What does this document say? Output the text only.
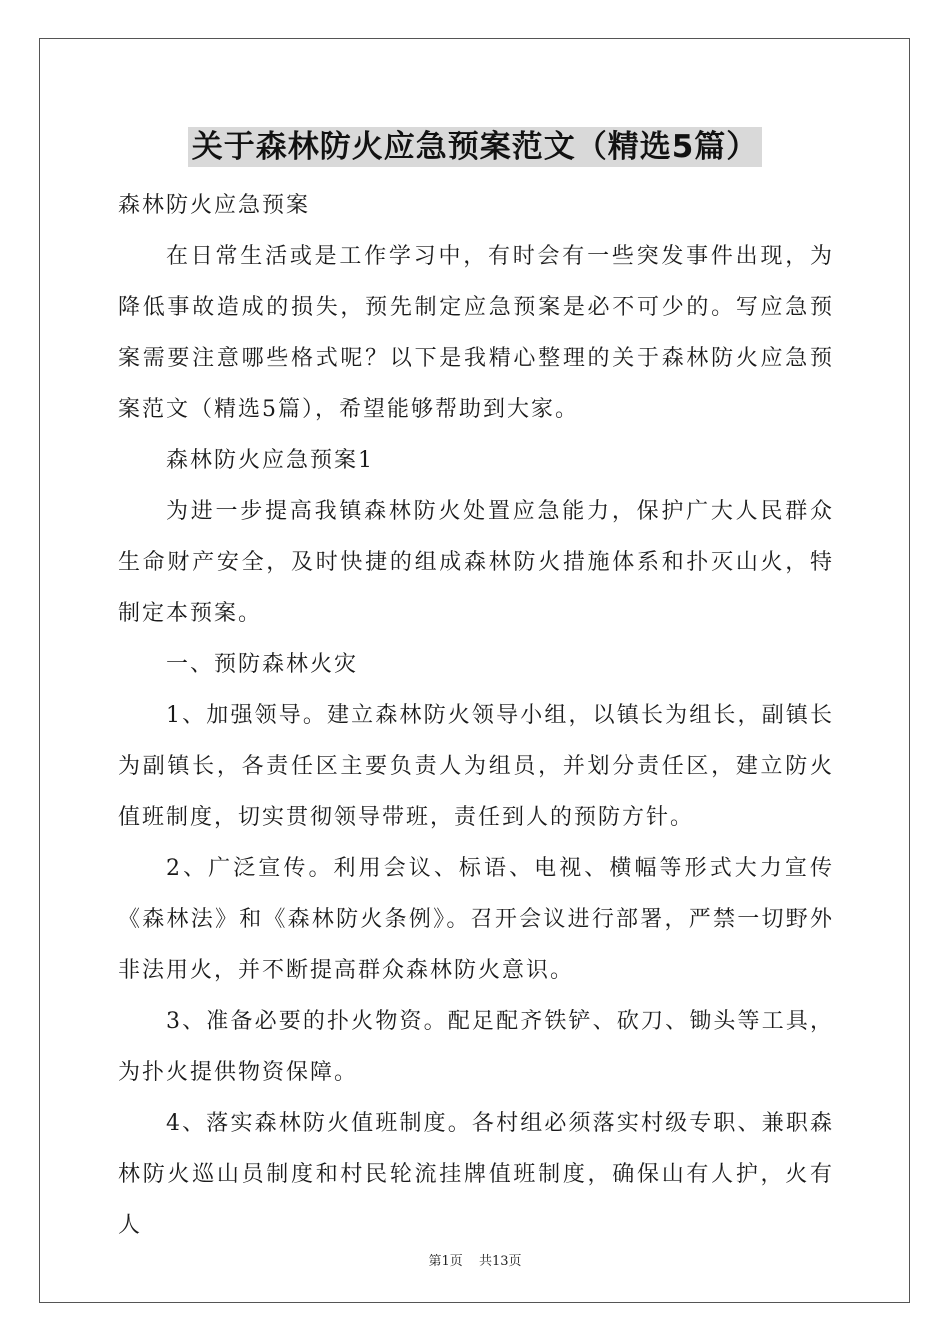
关于森林防火应急预案范文（精选5篇）

森林防火应急预案

在日常生活或是工作学习中，有时会有一些突发事件出现，为降低事故造成的损失，预先制定应急预案是必不可少的。写应急预案需要注意哪些格式呢？以下是我精心整理的关于森林防火应急预案范文（精选5篇），希望能够帮助到大家。

森林防火应急预案1

为进一步提高我镇森林防火处置应急能力，保护广大人民群众生命财产安全，及时快捷的组成森林防火措施体系和扑灭山火，特制定本预案。

一、预防森林火灾

1、加强领导。建立森林防火领导小组，以镇长为组长，副镇长为副镇长，各责任区主要负责人为组员，并划分责任区，建立防火值班制度，切实贯彻领导带班，责任到人的预防方针。

2、广泛宣传。利用会议、标语、电视、横幅等形式大力宣传《森林法》和《森林防火条例》。召开会议进行部署，严禁一切野外非法用火，并不断提高群众森林防火意识。

3、准备必要的扑火物资。配足配齐铁铲、砍刀、锄头等工具，为扑火提供物资保障。

4、落实森林防火值班制度。各村组必须落实村级专职、兼职森林防火巡山员制度和村民轮流挂牌值班制度，确保山有人护，火有人

第1页 共13页
